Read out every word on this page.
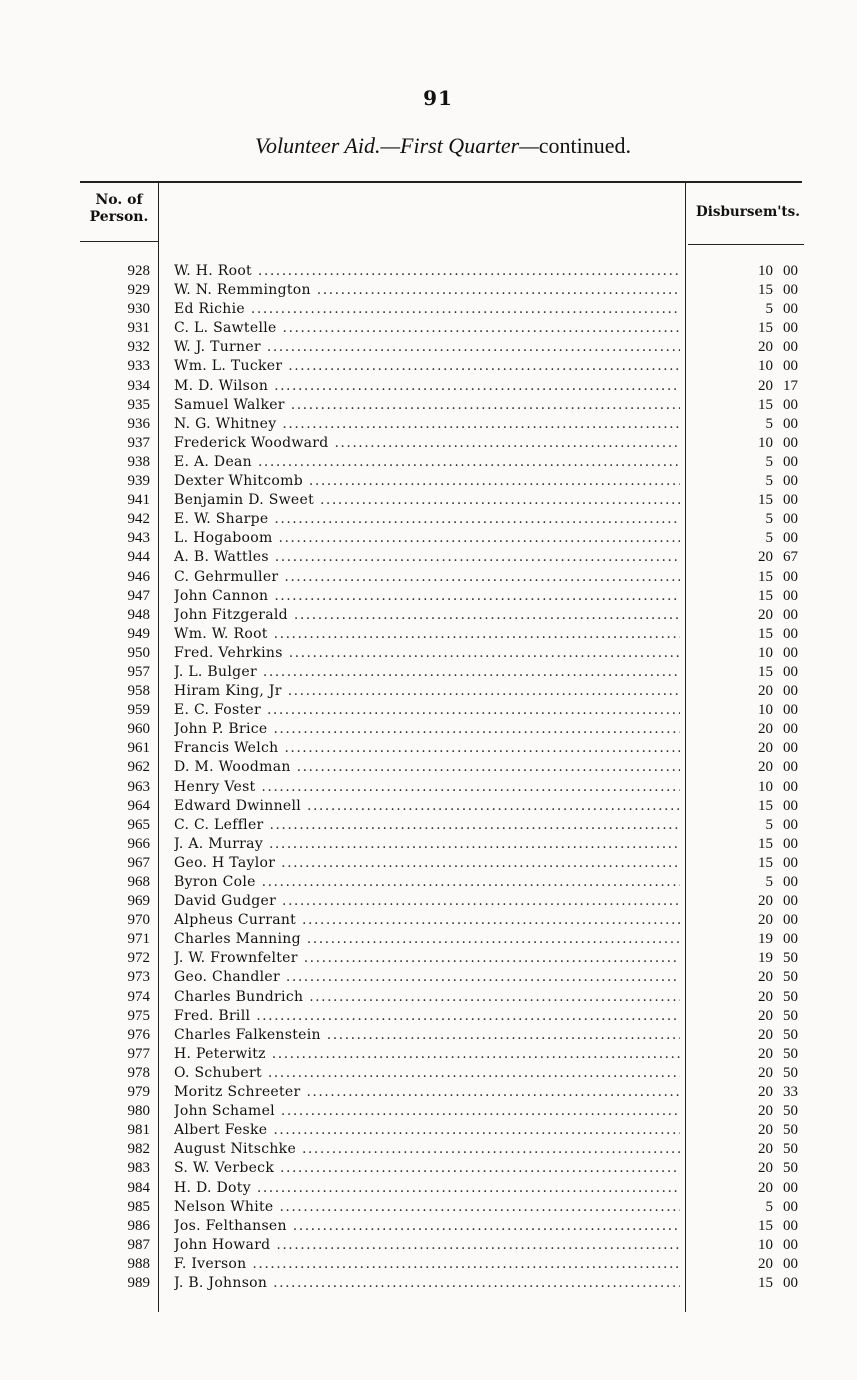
91
Volunteer Aid.—First Quarter—continued.
No. of
Person.	Disbursem'ts.
928 W. H. Root .....	10 00
929 W. N. Remmington .....	15 00
930 Ed Richie .....	5 00
931 C. L. Sawtelle .....	15 00
932 W. J. Turner .....	20 00
933 Wm. L. Tucker .....	10 00
934 M. D. Wilson .....	20 17
935 Samuel Walker .....	15 00
936 N. G. Whitney .....	5 00
937 Frederick Woodward .....	10 00
938 E. A. Dean .....	5 00
939 Dexter Whitcomb .....	5 00
941 Benjamin D. Sweet .....	15 00
942 E. W. Sharpe .....	5 00
943 L. Hogaboom .....	5 00
944 A. B. Wattles .....	20 67
946 C. Gehrmuller .....	15 00
947 John Cannon .....	15 00
948 John Fitzgerald .....	20 00
949 Wm. W. Root .....	15 00
950 Fred. Vehrkins .....	10 00
957 J. L. Bulger .....	15 00
958 Hiram King, Jr .....	20 00
959 E. C. Foster .....	10 00
960 John P. Brice .....	20 00
961 Francis Welch .....	20 00
962 D. M. Woodman .....	20 00
963 Henry Vest .....	10 00
964 Edward Dwinnell .....	15 00
965 C. C. Leffler .....	5 00
966 J. A. Murray .....	15 00
967 Geo. H Taylor .....	15 00
968 Byron Cole .....	5 00
969 David Gudger .....	20 00
970 Alpheus Currant .....	20 00
971 Charles Manning .....	19 00
972 J. W. Frownfelter .....	19 50
973 Geo. Chandler .....	20 50
974 Charles Bundrich .....	20 50
975 Fred. Brill .....	20 50
976 Charles Falkenstein .....	20 50
977 H. Peterwitz .....	20 50
978 O. Schubert .....	20 50
979 Moritz Schreeter .....	20 33
980 John Schamel .....	20 50
981 Albert Feske .....	20 50
982 August Nitschke .....	20 50
983 S. W. Verbeck .....	20 50
984 H. D. Doty .....	20 00
985 Nelson White .....	5 00
986 Jos. Felthansen .....	15 00
987 John Howard .....	10 00
988 F. Iverson .....	20 00
989 J. B. Johnson .....	15 00
